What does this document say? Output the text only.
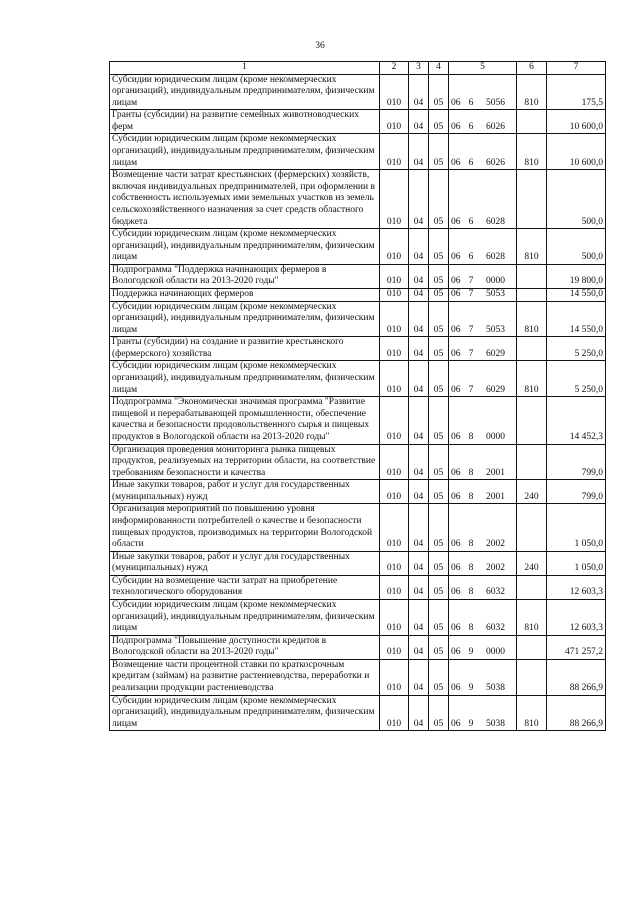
36
1	2	3	4	5	6	7
Субсидии юридическим лицам (кроме некоммерческих организаций), индивидуальным предпринимателям, физическим лицам	010	04	05	06 6 5056	810	175,5
Гранты (субсидии) на развитие семейных животноводческих ферм	010	04	05	06 6 6026		10 600,0
Субсидии юридическим лицам (кроме некоммерческих организаций), индивидуальным предпринимателям, физическим лицам	010	04	05	06 6 6026	810	10 600,0
Возмещение части затрат крестьянских (фермерских) хозяйств, включая индивидуальных предпринимателей, при оформлении в собственность используемых ими земельных участков из земель сельскохозяйственного назначения за счет средств областного бюджета	010	04	05	06 6 6028		500,0
Субсидии юридическим лицам (кроме некоммерческих организаций), индивидуальным предпринимателям, физическим лицам	010	04	05	06 6 6028	810	500,0
Подпрограмма "Поддержка начинающих фермеров в Вологодской области на 2013-2020 годы"	010	04	05	06 7 0000		19 800,0
Поддержка начинающих фермеров	010	04	05	06 7 5053		14 550,0
Субсидии юридическим лицам (кроме некоммерческих организаций), индивидуальным предпринимателям, физическим лицам	010	04	05	06 7 5053	810	14 550,0
Гранты (субсидии) на создание и развитие крестьянского (фермерского) хозяйства	010	04	05	06 7 6029		5 250,0
Субсидии юридическим лицам (кроме некоммерческих организаций), индивидуальным предпринимателям, физическим лицам	010	04	05	06 7 6029	810	5 250,0
Подпрограмма "Экономически значимая программа "Развитие пищевой и перерабатывающей промышленности, обеспечение качества и безопасности продовольственного сырья и пищевых продуктов в Вологодской области на 2013-2020 годы"	010	04	05	06 8 0000		14 452,3
Организация проведения мониторинга рынка пищевых продуктов, реализуемых на территории области, на соответствие требованиям безопасности и качества	010	04	05	06 8 2001		799,0
Иные закупки товаров, работ и услуг для государственных (муниципальных) нужд	010	04	05	06 8 2001	240	799,0
Организация мероприятий по повышению уровня информированности потребителей о качестве и безопасности пищевых продуктов, производимых на территории Вологодской области	010	04	05	06 8 2002		1 050,0
Иные закупки товаров, работ и услуг для государственных (муниципальных) нужд	010	04	05	06 8 2002	240	1 050,0
Субсидии на возмещение части затрат на приобретение технологического оборудования	010	04	05	06 8 6032		12 603,3
Субсидии юридическим лицам (кроме некоммерческих организаций), индивидуальным предпринимателям, физическим лицам	010	04	05	06 8 6032	810	12 603,3
Подпрограмма "Повышение доступности кредитов в Вологодской области на 2013-2020 годы"	010	04	05	06 9 0000		471 257,2
Возмещение части процентной ставки по краткосрочным кредитам (займам) на развитие растениеводства, переработки и реализации продукции растениеводства	010	04	05	06 9 5038		88 266,9
Субсидии юридическим лицам (кроме некоммерческих организаций), индивидуальным предпринимателям, физическим лицам	010	04	05	06 9 5038	810	88 266,9
